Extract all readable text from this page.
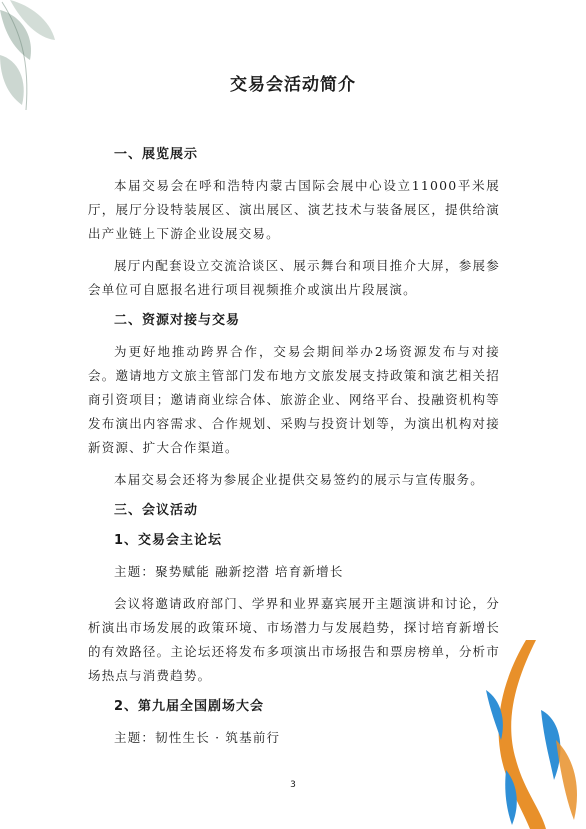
交易会活动简介
一、展览展示
本届交易会在呼和浩特内蒙古国际会展中心设立11000平米展厅，展厅分设特装展区、演出展区、演艺技术与装备展区，提供给演出产业链上下游企业设展交易。
展厅内配套设立交流洽谈区、展示舞台和项目推介大屏，参展参会单位可自愿报名进行项目视频推介或演出片段展演。
二、资源对接与交易
为更好地推动跨界合作，交易会期间举办2场资源发布与对接会。邀请地方文旅主管部门发布地方文旅发展支持政策和演艺相关招商引资项目；邀请商业综合体、旅游企业、网络平台、投融资机构等发布演出内容需求、合作规划、采购与投资计划等，为演出机构对接新资源、扩大合作渠道。
本届交易会还将为参展企业提供交易签约的展示与宣传服务。
三、会议活动
1、交易会主论坛
主题：聚势赋能 融新挖潜 培育新增长
会议将邀请政府部门、学界和业界嘉宾展开主题演讲和讨论，分析演出市场发展的政策环境、市场潜力与发展趋势，探讨培育新增长的有效路径。主论坛还将发布多项演出市场报告和票房榜单，分析市场热点与消费趋势。
2、第九届全国剧场大会
主题：韧性生长 · 筑基前行
3
